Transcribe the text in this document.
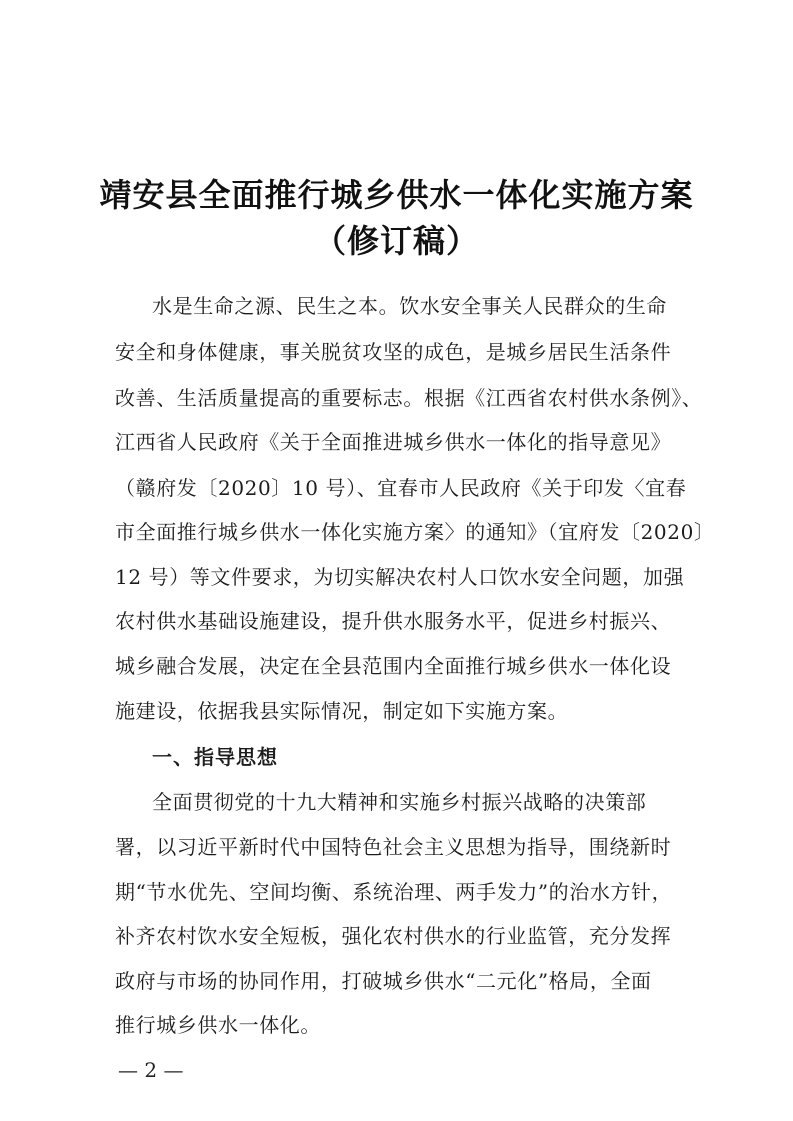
靖安县全面推行城乡供水一体化实施方案
（修订稿）
水是生命之源、民生之本。饮水安全事关人民群众的生命
安全和身体健康，事关脱贫攻坚的成色，是城乡居民生活条件
改善、生活质量提高的重要标志。根据《江西省农村供水条例》、
江西省人民政府《关于全面推进城乡供水一体化的指导意见》
（赣府发〔2020〕10 号）、宜春市人民政府《关于印发〈宜春
市全面推行城乡供水一体化实施方案〉的通知》（宜府发〔2020〕
12 号）等文件要求，为切实解决农村人口饮水安全问题，加强
农村供水基础设施建设，提升供水服务水平，促进乡村振兴、
城乡融合发展，决定在全县范围内全面推行城乡供水一体化设
施建设，依据我县实际情况，制定如下实施方案。
一、指导思想
全面贯彻党的十九大精神和实施乡村振兴战略的决策部
署，以习近平新时代中国特色社会主义思想为指导，围绕新时
期“节水优先、空间均衡、系统治理、两手发力”的治水方针，
补齐农村饮水安全短板，强化农村供水的行业监管，充分发挥
政府与市场的协同作用，打破城乡供水“二元化”格局，全面
推行城乡供水一体化。
— 2 —
